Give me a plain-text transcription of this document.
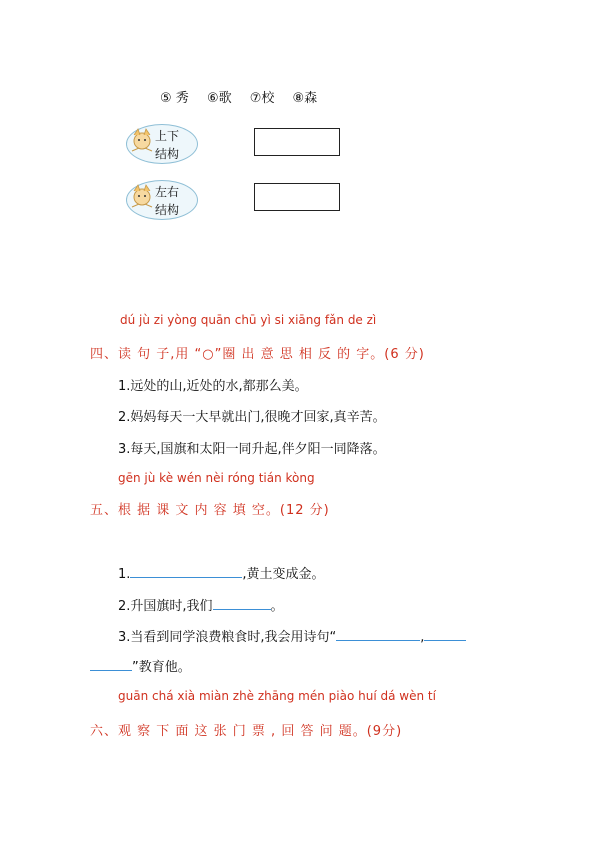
⑤ 秀 ⑥歌 ⑦校 ⑧森
上下
结构
左右
结构
dú jù zi yòng quān chū yì si xiāng fǎn de zì
四、读 句 子,用 “○”圈 出 意 思 相 反 的 字。(6 分)
1.远处的山,近处的水,都那么美。
2.妈妈每天一大早就出门,很晚才回家,真辛苦。
3.每天,国旗和太阳一同升起,伴夕阳一同降落。
gēn jù kè wén nèi róng tián kòng
五、根 据 课 文 内 容 填 空。(12 分)
1.	,黄土变成金。
2.升国旗时,我们	。
3.当看到同学浪费粮食时,我会用诗句“	,
”教育他。
guān chá xià miàn zhè zhāng mén piào huí dá wèn tí
六、观 察 下 面 这 张 门 票 , 回 答 问 题。(9分)
